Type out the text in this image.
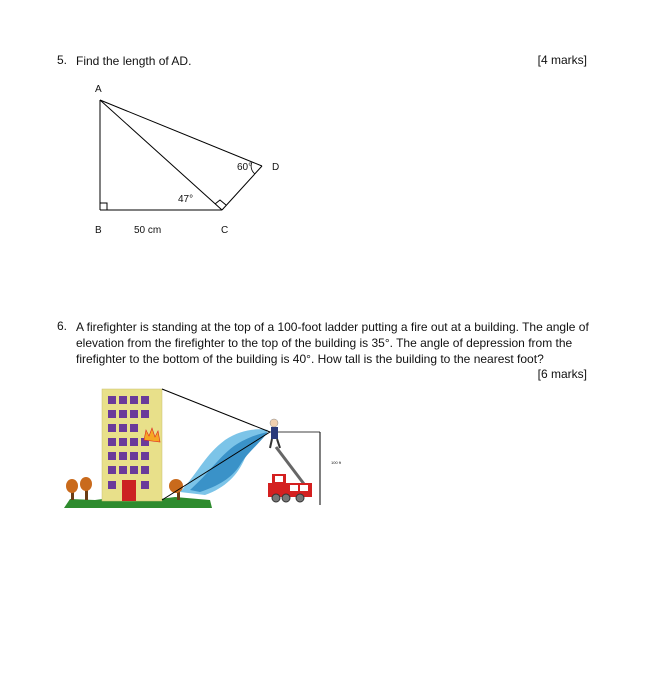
5. Find the length of AD.	[4 marks]
A
B	C
D
47°
60°
50 cm
6. A firefighter is standing at the top of a 100-foot ladder putting a fire out at a building. The angle of
elevation from the firefighter to the top of the building is 35°. The angle of depression from the
firefighter to the bottom of the building is 40°. How tall is the building to the nearest foot?
[6 marks]
100 ft
